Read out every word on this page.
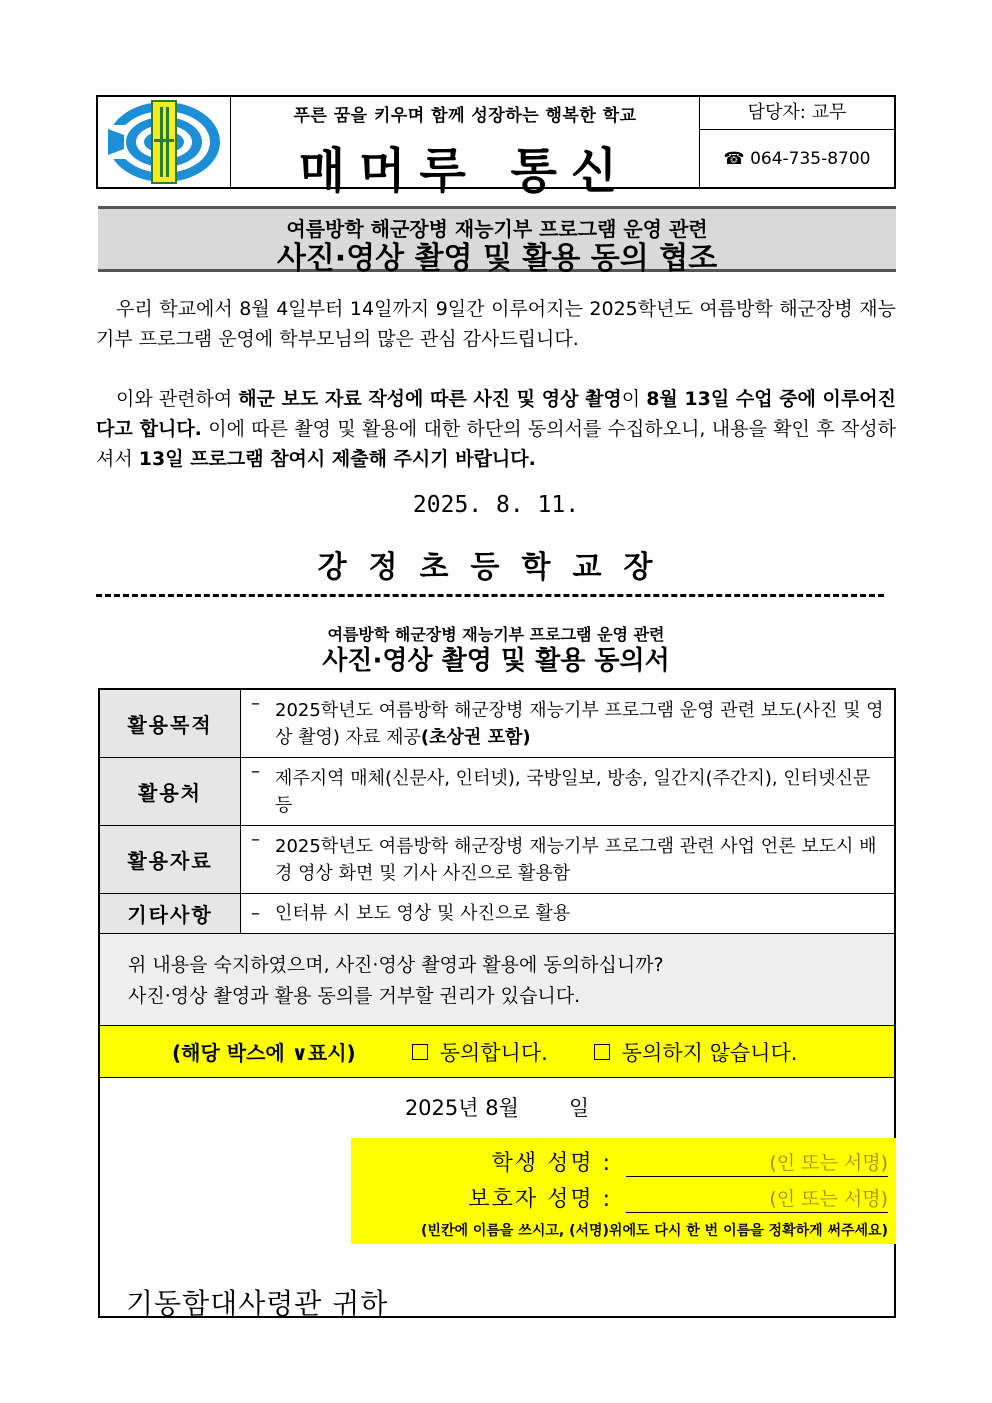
푸른 꿈을 키우며 함께 성장하는 행복한 학교
매머루 통신
담당자: 교무
☎ 064-735-8700
여름방학 해군장병 재능기부 프로그램 운영 관련
사진·영상 촬영 및 활용 동의 협조
우리 학교에서 8월 4일부터 14일까지 9일간 이루어지는 2025학년도 여름방학 해군장병 재능기부 프로그램 운영에 학부모님의 많은 관심 감사드립니다.
이와 관련하여 해군 보도 자료 작성에 따른 사진 및 영상 촬영이 8월 13일 수업 중에 이루어진다고 합니다. 이에 따른 촬영 및 활용에 대한 하단의 동의서를 수집하오니, 내용을 확인 후 작성하셔서 13일 프로그램 참여시 제출해 주시기 바랍니다.
2025. 8. 11.
강정초등학교장
여름방학 해군장병 재능기부 프로그램 운영 관련
사진·영상 촬영 및 활용 동의서
활용목적
– 2025학년도 여름방학 해군장병 재능기부 프로그램 운영 관련 보도(사진 및 영상 촬영) 자료 제공(초상권 포함)
활용처
– 제주지역 매체(신문사, 인터넷), 국방일보, 방송, 일간지(주간지), 인터넷신문 등
활용자료
– 2025학년도 여름방학 해군장병 재능기부 프로그램 관련 사업 언론 보도시 배경 영상 화면 및 기사 사진으로 활용함
기타사항	– 인터뷰 시 보도 영상 및 사진으로 활용
위 내용을 숙지하였으며, 사진·영상 촬영과 활용에 동의하십니까?
사진·영상 촬영과 활용 동의를 거부할 권리가 있습니다.
(해당 박스에 ∨표시)	동의합니다.	동의하지 않습니다.
2025년 8월 일
학생 성명 :	(인 또는 서명)
보호자 성명 :	(인 또는 서명)
(빈칸에 이름을 쓰시고, (서명)위에도 다시 한 번 이름을 정확하게 써주세요)
기동함대사령관 귀하
